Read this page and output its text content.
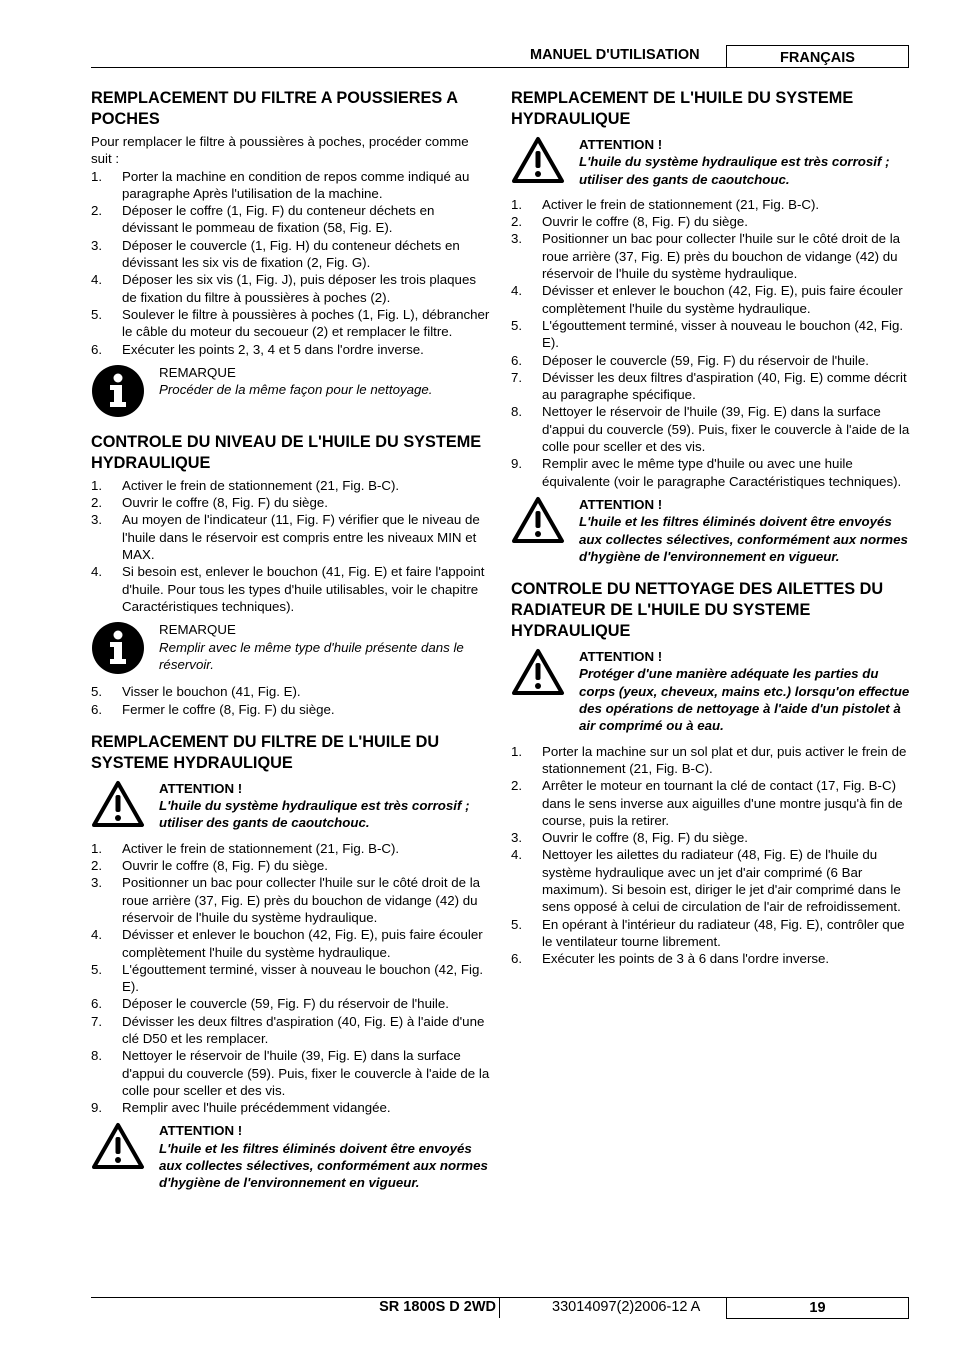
MANUEL D'UTILISATION	FRANÇAIS
REMPLACEMENT DU FILTRE A POUSSIERES A POCHES

Pour remplacer le filtre à poussières à poches, procéder comme suit :

1. Porter la machine en condition de repos comme indiqué au paragraphe Après l'utilisation de la machine.
2. Déposer le coffre (1, Fig. F) du conteneur déchets en dévissant le pommeau de fixation (58, Fig. E).
3. Déposer le couvercle (1, Fig. H) du conteneur déchets en dévissant les six vis de fixation (2, Fig. G).
4. Déposer les six vis (1, Fig. J), puis déposer les trois plaques de fixation du filtre à poussières à poches (2).
5. Soulever le filtre à poussières à poches (1, Fig. L), débrancher le câble du moteur du secoueur (2) et remplacer le filtre.
6. Exécuter les points 2, 3, 4 et 5 dans l'ordre inverse.
REMARQUE
Procéder de la même façon pour le nettoyage.
CONTROLE DU NIVEAU DE L'HUILE DU SYSTEME HYDRAULIQUE
1. Activer le frein de stationnement (21, Fig. B-C).
2. Ouvrir le coffre (8, Fig. F) du siège.
3. Au moyen de l'indicateur (11, Fig. F) vérifier que le niveau de l'huile dans le réservoir est compris entre les niveaux MIN et MAX.
4. Si besoin est, enlever le bouchon (41, Fig. E) et faire l'appoint d'huile. Pour tous les types d'huile utilisables, voir le chapitre Caractéristiques techniques).
REMARQUE
Remplir avec le même type d'huile présente dans le réservoir.
5. Visser le bouchon (41, Fig. E).
6. Fermer le coffre (8, Fig. F) du siège.
REMPLACEMENT DU FILTRE DE L'HUILE DU SYSTEME HYDRAULIQUE
ATTENTION !
L'huile du système hydraulique est très corrosif ; utiliser des gants de caoutchouc.
1. Activer le frein de stationnement (21, Fig. B-C).
2. Ouvrir le coffre (8, Fig. F) du siège.
3. Positionner un bac pour collecter l'huile sur le côté droit de la roue arrière (37, Fig. E) près du bouchon de vidange (42) du réservoir de l'huile du système hydraulique.
4. Dévisser et enlever le bouchon (42, Fig. E), puis faire écouler complètement l'huile du système hydraulique.
5. L'égouttement terminé, visser à nouveau le bouchon (42, Fig. E).
6. Déposer le couvercle (59, Fig. F) du réservoir de l'huile.
7. Dévisser les deux filtres d'aspiration (40, Fig. E) à l'aide d'une clé D50 et les remplacer.
8. Nettoyer le réservoir de l'huile (39, Fig. E) dans la surface d'appui du couvercle (59). Puis, fixer le couvercle à l'aide de la colle pour sceller et des vis.
9. Remplir avec l'huile précédemment vidangée.
ATTENTION !
L'huile et les filtres éliminés doivent être envoyés aux collectes sélectives, conformément aux normes d'hygiène de l'environnement en vigueur.
REMPLACEMENT DE L'HUILE DU SYSTEME HYDRAULIQUE
ATTENTION !
L'huile du système hydraulique est très corrosif ; utiliser des gants de caoutchouc.
1. Activer le frein de stationnement (21, Fig. B-C).
2. Ouvrir le coffre (8, Fig. F) du siège.
3. Positionner un bac pour collecter l'huile sur le côté droit de la roue arrière (37, Fig. E) près du bouchon de vidange (42) du réservoir de l'huile du système hydraulique.
4. Dévisser et enlever le bouchon (42, Fig. E), puis faire écouler complètement l'huile du système hydraulique.
5. L'égouttement terminé, visser à nouveau le bouchon (42, Fig. E).
6. Déposer le couvercle (59, Fig. F) du réservoir de l'huile.
7. Dévisser les deux filtres d'aspiration (40, Fig. E) comme décrit au paragraphe spécifique.
8. Nettoyer le réservoir de l'huile (39, Fig. E) dans la surface d'appui du couvercle (59). Puis, fixer le couvercle à l'aide de la colle pour sceller et des vis.
9. Remplir avec le même type d'huile ou avec une huile équivalente (voir le paragraphe Caractéristiques techniques).
ATTENTION !
L'huile et les filtres éliminés doivent être envoyés aux collectes sélectives, conformément aux normes d'hygiène de l'environnement en vigueur.
CONTROLE DU NETTOYAGE DES AILETTES DU RADIATEUR DE L'HUILE DU SYSTEME HYDRAULIQUE
ATTENTION !
Protéger d'une manière adéquate les parties du corps (yeux, cheveux, mains etc.) lorsqu'on effectue des opérations de nettoyage à l'aide d'un pistolet à air comprimé ou à eau.
1. Porter la machine sur un sol plat et dur, puis activer le frein de stationnement (21, Fig. B-C).
2. Arrêter le moteur en tournant la clé de contact (17, Fig. B-C) dans le sens inverse aux aiguilles d'une montre jusqu'à fin de course, puis la retirer.
3. Ouvrir le coffre (8, Fig. F) du siège.
4. Nettoyer les ailettes du radiateur (48, Fig. E) de l'huile du système hydraulique avec un jet d'air comprimé (6 Bar maximum). Si besoin est, diriger le jet d'air comprimé dans le sens opposé à celui de circulation de l'air de refroidissement.
5. En opérant à l'intérieur du radiateur (48, Fig. E), contrôler que le ventilateur tourne librement.
6. Exécuter les points de 3 à 6 dans l'ordre inverse.
SR 1800S D 2WD	33014097(2)2006-12 A	19
